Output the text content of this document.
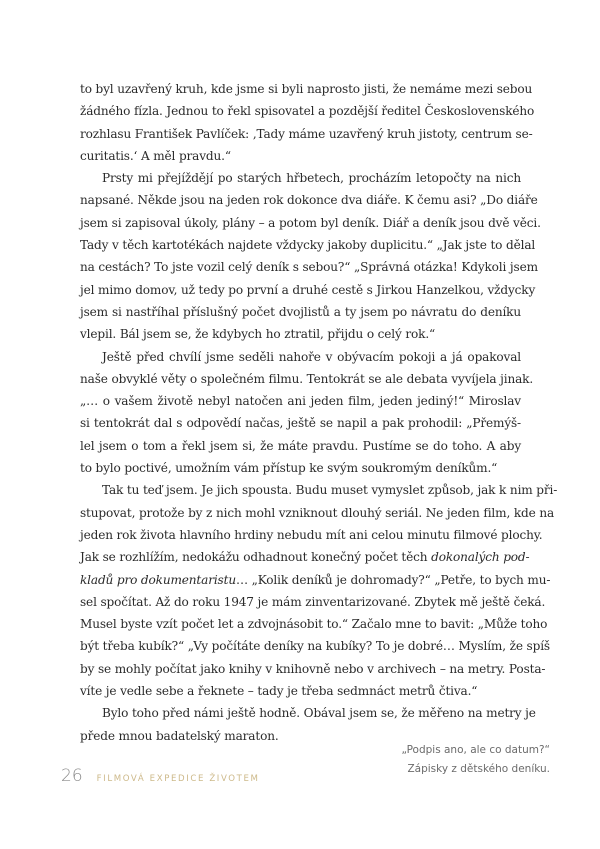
to byl uzavřený kruh, kde jsme si byli naprosto jisti, že nemáme mezi sebou
žádného fízla. Jednou to řekl spisovatel a pozdější ředitel Československého
rozhlasu František Pavlíček: ‚Tady máme uzavřený kruh jistoty, centrum se-
curitatis.‘ A měl pravdu.“

Prsty mi přejíždějí po starých hřbetech, procházím letopočty na nich
napsané. Někde jsou na jeden rok dokonce dva diáře. K čemu asi? „Do diáře
jsem si zapisoval úkoly, plány – a potom byl deník. Diář a deník jsou dvě věci.
Tady v těch kartotékách najdete vždycky jakoby duplicitu.“ „Jak jste to dělal
na cestách? To jste vozil celý deník s sebou?“ „Správná otázka! Kdykoli jsem
jel mimo domov, už tedy po první a druhé cestě s Jirkou Hanzelkou, vždycky
jsem si nastříhal příslušný počet dvojlistů a ty jsem po návratu do deníku
vlepil. Bál jsem se, že kdybych ho ztratil, přijdu o celý rok.“

Ještě před chvílí jsme seděli nahoře v obývacím pokoji a já opakoval
naše obvyklé věty o společném filmu. Tentokrát se ale debata vyvíjela jinak.
„… o vašem životě nebyl natočen ani jeden film, jeden jediný!“ Miroslav
si tentokrát dal s odpovědí načas, ještě se napil a pak prohodil: „Přemýš-
lel jsem o tom a řekl jsem si, že máte pravdu. Pustíme se do toho. A aby
to bylo poctivé, umožním vám přístup ke svým soukromým deníkům.“

Tak tu teď jsem. Je jich spousta. Budu muset vymyslet způsob, jak k nim při-
stupovat, protože by z nich mohl vzniknout dlouhý seriál. Ne jeden film, kde na
jeden rok života hlavního hrdiny nebudu mít ani celou minutu filmové plochy.
Jak se rozhlížím, nedokážu odhadnout konečný počet těch dokonalých pod-
kladů pro dokumentaristu… „Kolik deníků je dohromady?“ „Petře, to bych mu-
sel spočítat. Až do roku 1947 je mám zinventarizované. Zbytek mě ještě čeká.
Musel byste vzít počet let a zdvojnásobit to.“ Začalo mne to bavit: „Může toho
být třeba kubík?“ „Vy počítáte deníky na kubíky? To je dobré… Myslím, že spíš
by se mohly počítat jako knihy v knihovně nebo v archivech – na metry. Posta-
víte je vedle sebe a řeknete – tady je třeba sedmnáct metrů čtiva.“

Bylo toho před námi ještě hodně. Obával jsem se, že měřeno na metry je
přede mnou badatelský maraton.

„Podpis ano, ale co datum?“
Zápisky z dětského deníku.
26 FILMOVÁ EXPEDICE ŽIVOTEM
